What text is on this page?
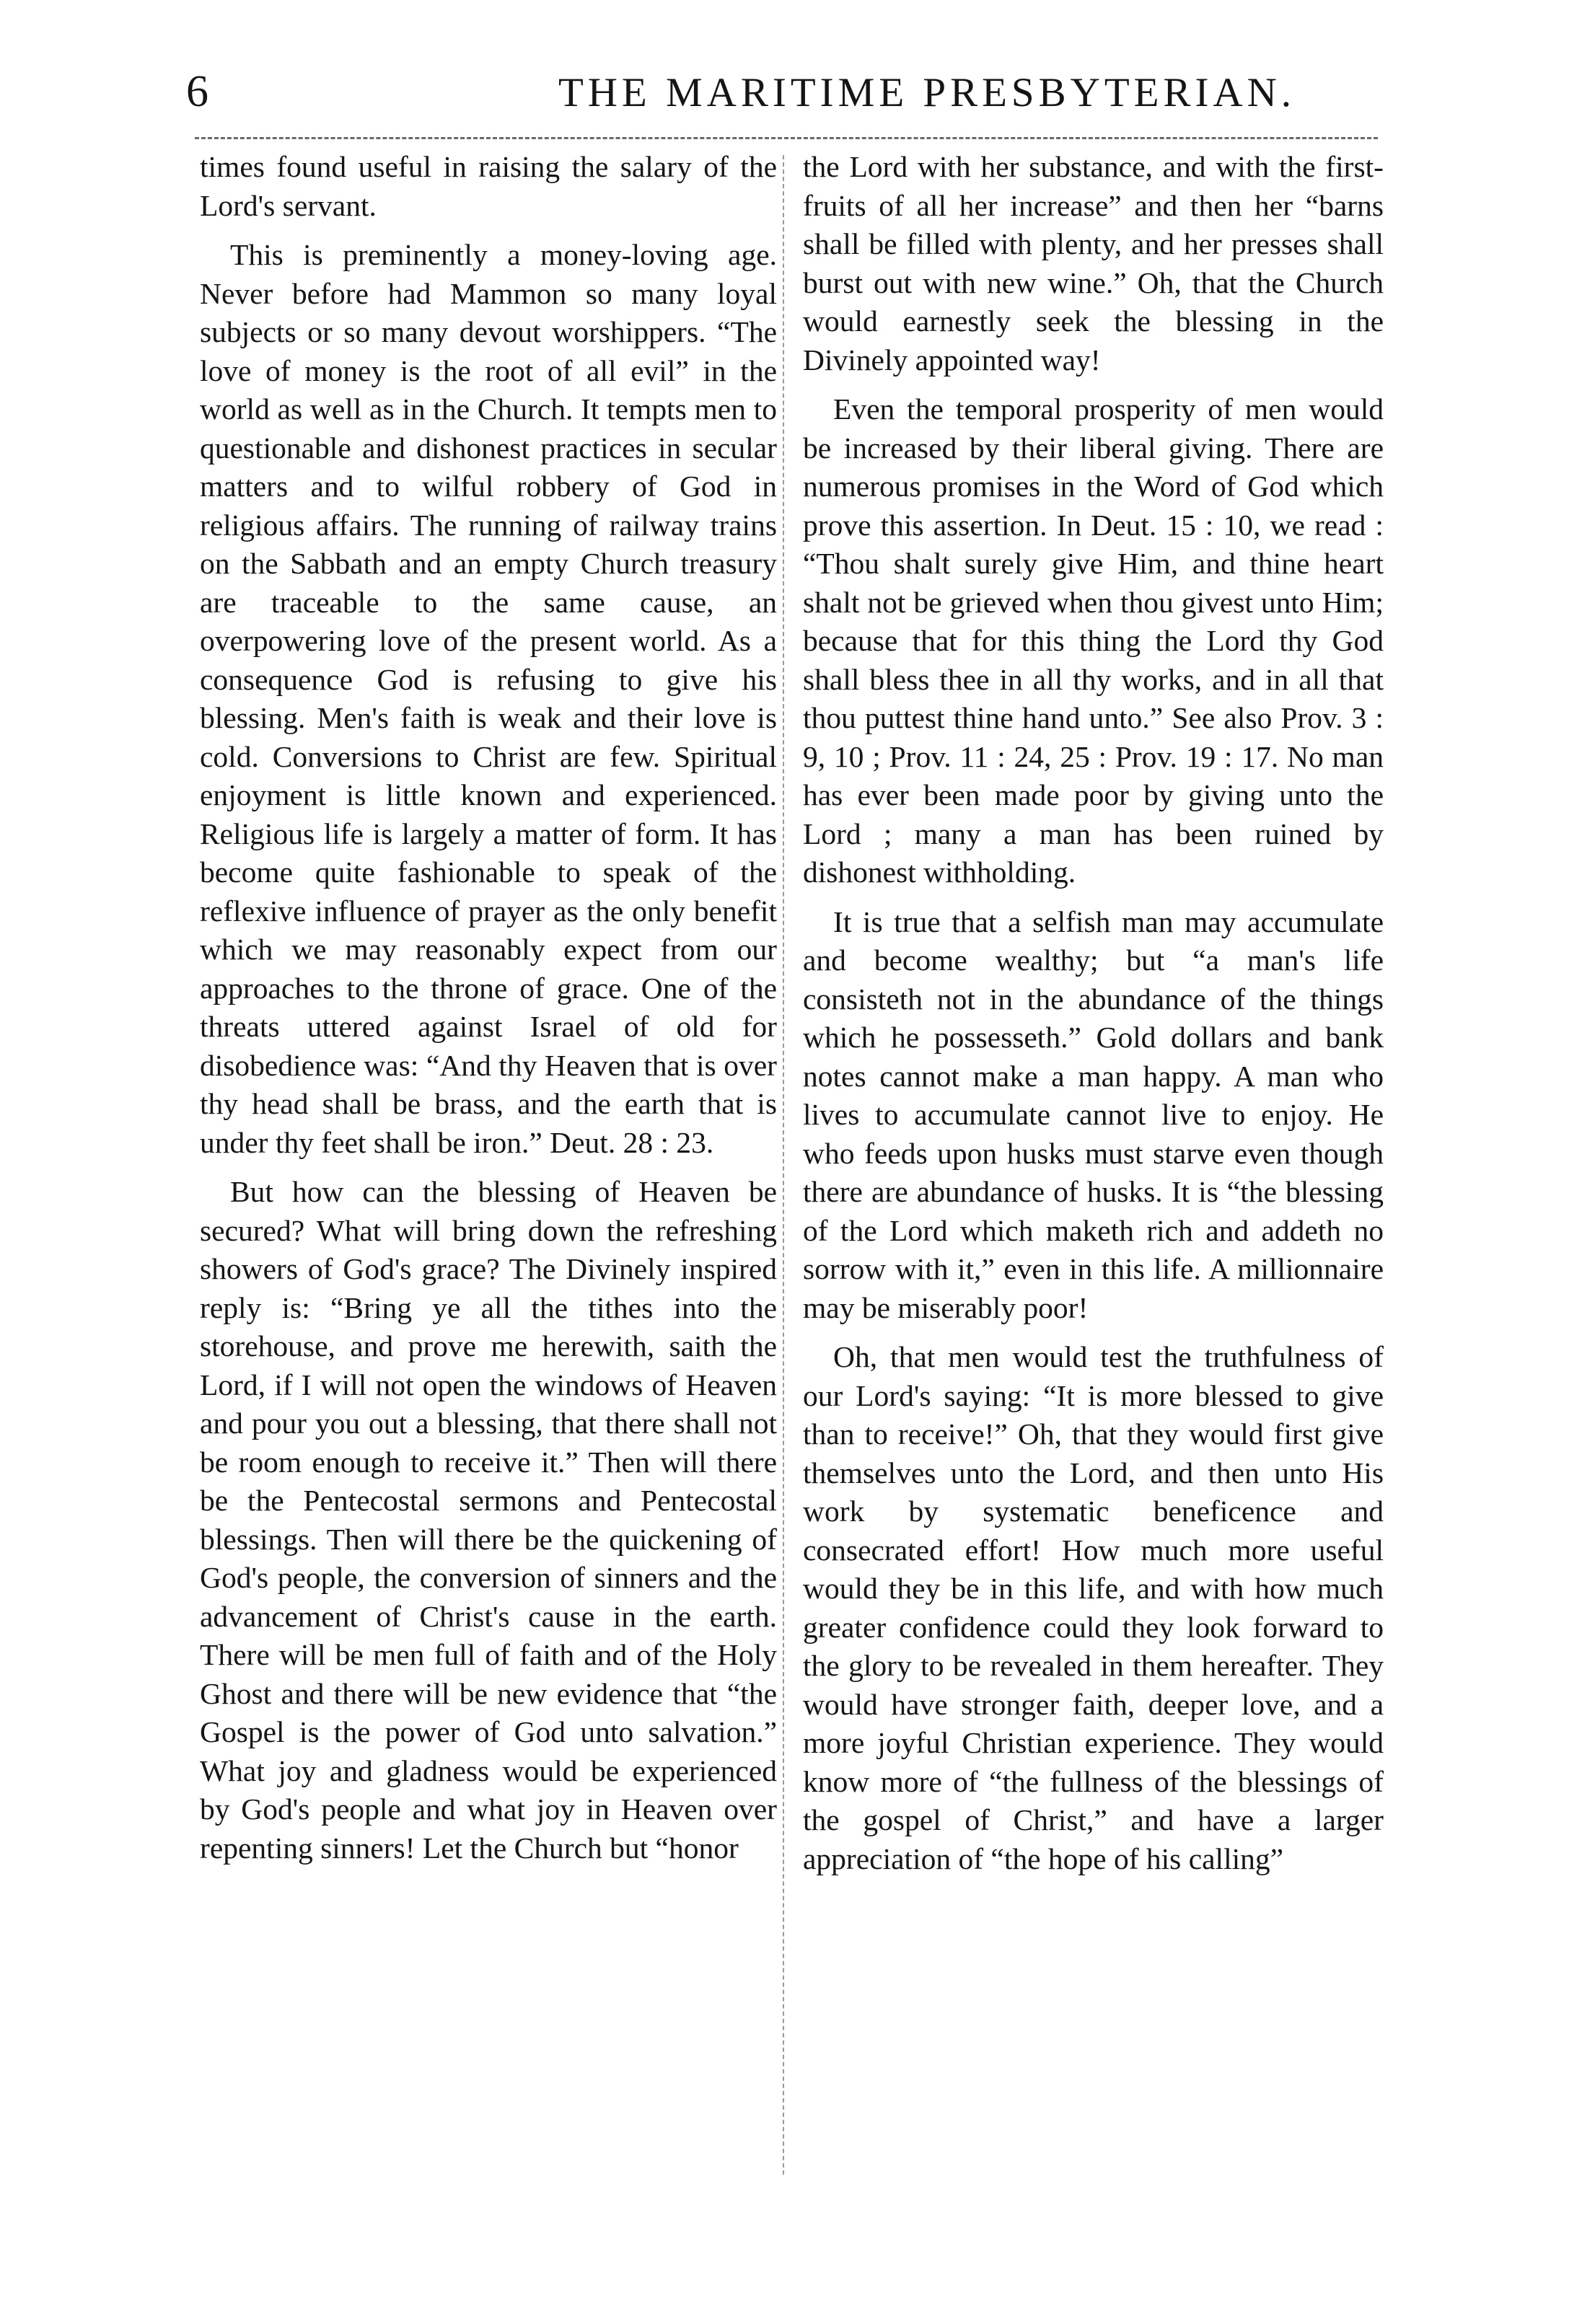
6	THE MARITIME PRESBYTERIAN.

times found useful in raising the salary of the Lord's servant.

This is preminently a money-loving age. Never before had Mammon so many loyal subjects or so many devout worshippers. “The love of money is the root of all evil” in the world as well as in the Church. It tempts men to questionable and dishonest practices in secular matters and to wilful robbery of God in religious affairs. The running of railway trains on the Sabbath and an empty Church treasury are traceable to the same cause, an overpowering love of the present world. As a consequence God is refusing to give his blessing. Men's faith is weak and their love is cold. Conversions to Christ are few. Spiritual enjoyment is little known and experienced. Religious life is largely a matter of form. It has become quite fashionable to speak of the reflexive influence of prayer as the only benefit which we may reasonably expect from our approaches to the throne of grace. One of the threats uttered against Israel of old for disobedience was: “And thy Heaven that is over thy head shall be brass, and the earth that is under thy feet shall be iron.” Deut. 28 : 23.

But how can the blessing of Heaven be secured? What will bring down the refreshing showers of God's grace? The Divinely inspired reply is: “Bring ye all the tithes into the storehouse, and prove me herewith, saith the Lord, if I will not open the windows of Heaven and pour you out a blessing, that there shall not be room enough to receive it.” Then will there be the Pentecostal sermons and Pentecostal blessings. Then will there be the quickening of God's people, the conversion of sinners and the advancement of Christ's cause in the earth. There will be men full of faith and of the Holy Ghost and there will be new evidence that “the Gospel is the power of God unto salvation.” What joy and gladness would be experienced by God's people and what joy in Heaven over repenting sinners! Let the Church but “honor

the Lord with her substance, and with the first-fruits of all her increase” and then her “barns shall be filled with plenty, and her presses shall burst out with new wine.” Oh, that the Church would earnestly seek the blessing in the Divinely appointed way!

Even the temporal prosperity of men would be increased by their liberal giving. There are numerous promises in the Word of God which prove this assertion. In Deut. 15 : 10, we read : “Thou shalt surely give Him, and thine heart shalt not be grieved when thou givest unto Him; because that for this thing the Lord thy God shall bless thee in all thy works, and in all that thou puttest thine hand unto.” See also Prov. 3 : 9, 10 ; Prov. 11 : 24, 25 : Prov. 19 : 17. No man has ever been made poor by giving unto the Lord ; many a man has been ruined by dishonest withholding.

It is true that a selfish man may accumulate and become wealthy; but “a man's life consisteth not in the abundance of the things which he possesseth.” Gold dollars and bank notes cannot make a man happy. A man who lives to accumulate cannot live to enjoy. He who feeds upon husks must starve even though there are abundance of husks. It is “the blessing of the Lord which maketh rich and addeth no sorrow with it,” even in this life. A millionnaire may be miserably poor!

Oh, that men would test the truthfulness of our Lord's saying: “It is more blessed to give than to receive!” Oh, that they would first give themselves unto the Lord, and then unto His work by systematic beneficence and consecrated effort! How much more useful would they be in this life, and with how much greater confidence could they look forward to the glory to be revealed in them hereafter. They would have stronger faith, deeper love, and a more joyful Christian experience. They would know more of “the fullness of the blessings of the gospel of Christ,” and have a larger appreciation of “the hope of his calling”
